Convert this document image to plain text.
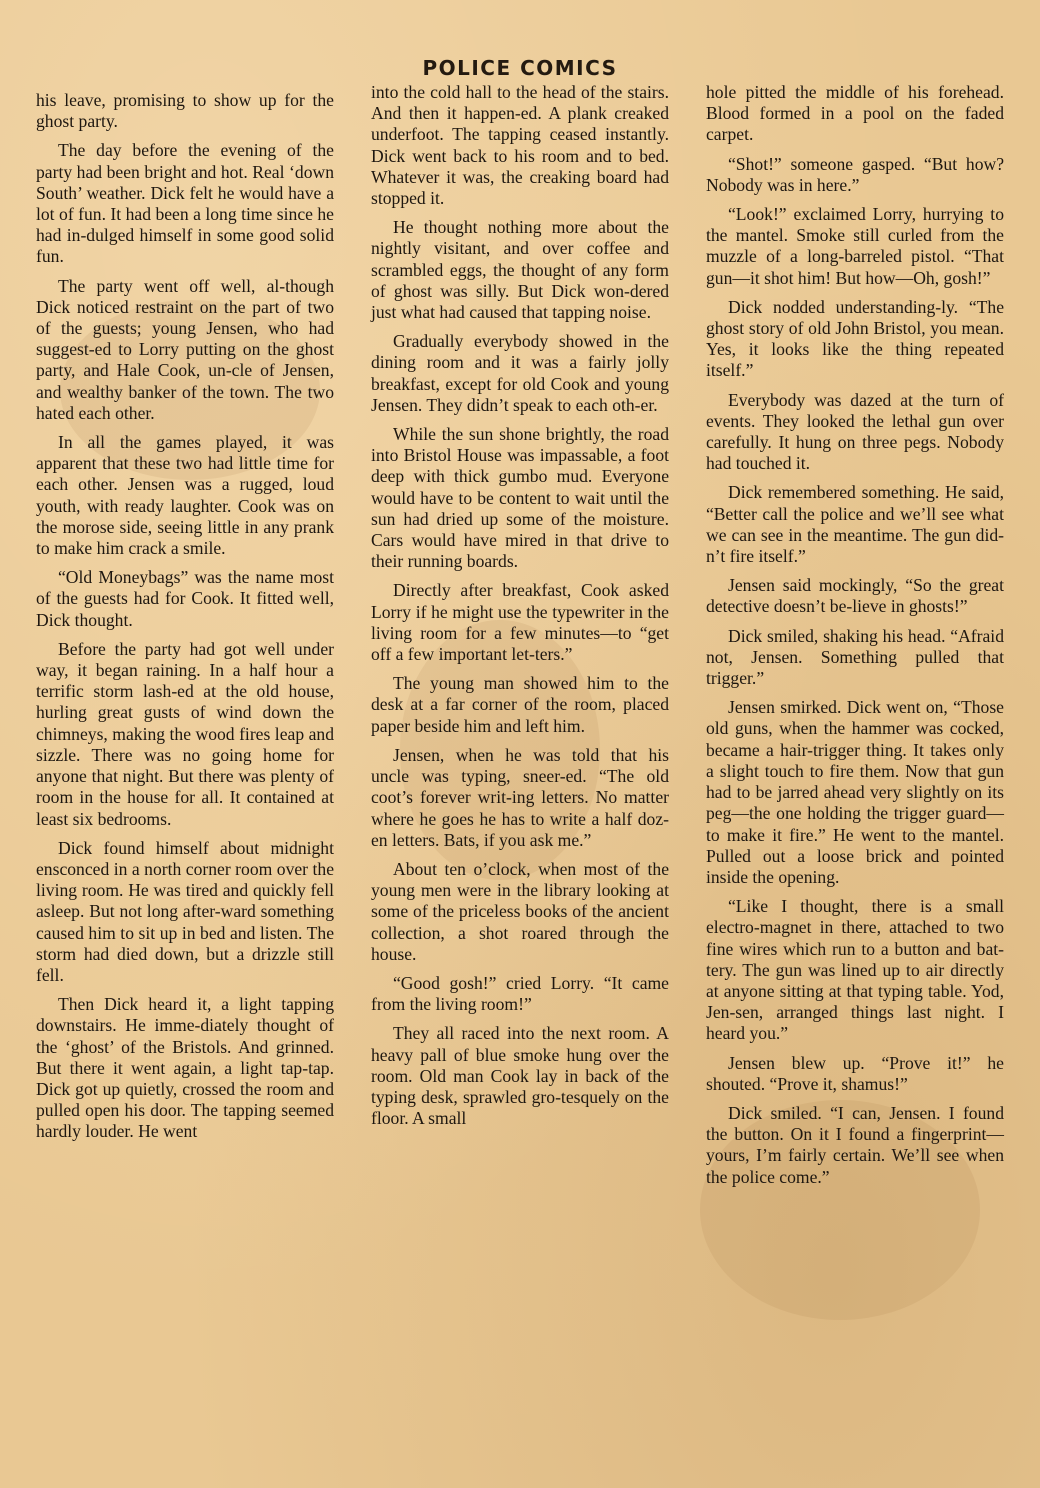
POLICE COMICS

his leave, promising to show up for the ghost party.

The day before the evening of the party had been bright and hot. Real ‘down South’ weather. Dick felt he would have a lot of fun. It had been a long time since he had in-dulged himself in some good solid fun.

The party went off well, al-though Dick noticed restraint on the part of two of the guests; young Jensen, who had suggest-ed to Lorry putting on the ghost party, and Hale Cook, un-cle of Jensen, and wealthy banker of the town. The two hated each other.

In all the games played, it was apparent that these two had little time for each other. Jensen was a rugged, loud youth, with ready laughter. Cook was on the morose side, seeing little in any prank to make him crack a smile.

“Old Moneybags” was the name most of the guests had for Cook. It fitted well, Dick thought.

Before the party had got well under way, it began raining. In a half hour a terrific storm lash-ed at the old house, hurling great gusts of wind down the chimneys, making the wood fires leap and sizzle. There was no going home for anyone that night. But there was plenty of room in the house for all. It contained at least six bedrooms.

Dick found himself about midnight ensconced in a north corner room over the living room. He was tired and quickly fell asleep. But not long after-ward something caused him to sit up in bed and listen. The storm had died down, but a drizzle still fell.

Then Dick heard it, a light tapping downstairs. He imme-diately thought of the ‘ghost’ of the Bristols. And grinned. But there it went again, a light tap-tap. Dick got up quietly, crossed the room and pulled open his door. The tapping seemed hardly louder. He went

into the cold hall to the head of the stairs. And then it happen-ed. A plank creaked underfoot. The tapping ceased instantly. Dick went back to his room and to bed. Whatever it was, the creaking board had stopped it.

He thought nothing more about the nightly visitant, and over coffee and scrambled eggs, the thought of any form of ghost was silly. But Dick won-dered just what had caused that tapping noise.

Gradually everybody showed in the dining room and it was a fairly jolly breakfast, except for old Cook and young Jensen. They didn’t speak to each oth-er.

While the sun shone brightly, the road into Bristol House was impassable, a foot deep with thick gumbo mud. Everyone would have to be content to wait until the sun had dried up some of the moisture. Cars would have mired in that drive to their running boards.

Directly after breakfast, Cook asked Lorry if he might use the typewriter in the living room for a few minutes—to “get off a few important let-ters.”

The young man showed him to the desk at a far corner of the room, placed paper beside him and left him.

Jensen, when he was told that his uncle was typing, sneer-ed. “The old coot’s forever writ-ing letters. No matter where he goes he has to write a half doz-en letters. Bats, if you ask me.”

About ten o’clock, when most of the young men were in the library looking at some of the priceless books of the ancient collection, a shot roared through the house.

“Good gosh!” cried Lorry. “It came from the living room!”

They all raced into the next room. A heavy pall of blue smoke hung over the room. Old man Cook lay in back of the typing desk, sprawled gro-tesquely on the floor. A small

hole pitted the middle of his forehead. Blood formed in a pool on the faded carpet.

“Shot!” someone gasped. “But how? Nobody was in here.”

“Look!” exclaimed Lorry, hurrying to the mantel. Smoke still curled from the muzzle of a long-barreled pistol. “That gun—it shot him! But how—Oh, gosh!”

Dick nodded understanding-ly. “The ghost story of old John Bristol, you mean. Yes, it looks like the thing repeated itself.”

Everybody was dazed at the turn of events. They looked the lethal gun over carefully. It hung on three pegs. Nobody had touched it.

Dick remembered something. He said, “Better call the police and we’ll see what we can see in the meantime. The gun did-n’t fire itself.”

Jensen said mockingly, “So the great detective doesn’t be-lieve in ghosts!”

Dick smiled, shaking his head. “Afraid not, Jensen. Something pulled that trigger.”

Jensen smirked. Dick went on, “Those old guns, when the hammer was cocked, became a hair-trigger thing. It takes only a slight touch to fire them. Now that gun had to be jarred ahead very slightly on its peg—the one holding the trigger guard—to make it fire.” He went to the mantel. Pulled out a loose brick and pointed inside the opening.

“Like I thought, there is a small electro-magnet in there, attached to two fine wires which run to a button and bat-tery. The gun was lined up to air directly at anyone sitting at that typing table. Yod, Jen-sen, arranged things last night. I heard you.”

Jensen blew up. “Prove it!” he shouted. “Prove it, shamus!”

Dick smiled. “I can, Jensen. I found the button. On it I found a fingerprint—yours, I’m fairly certain. We’ll see when the police come.”
